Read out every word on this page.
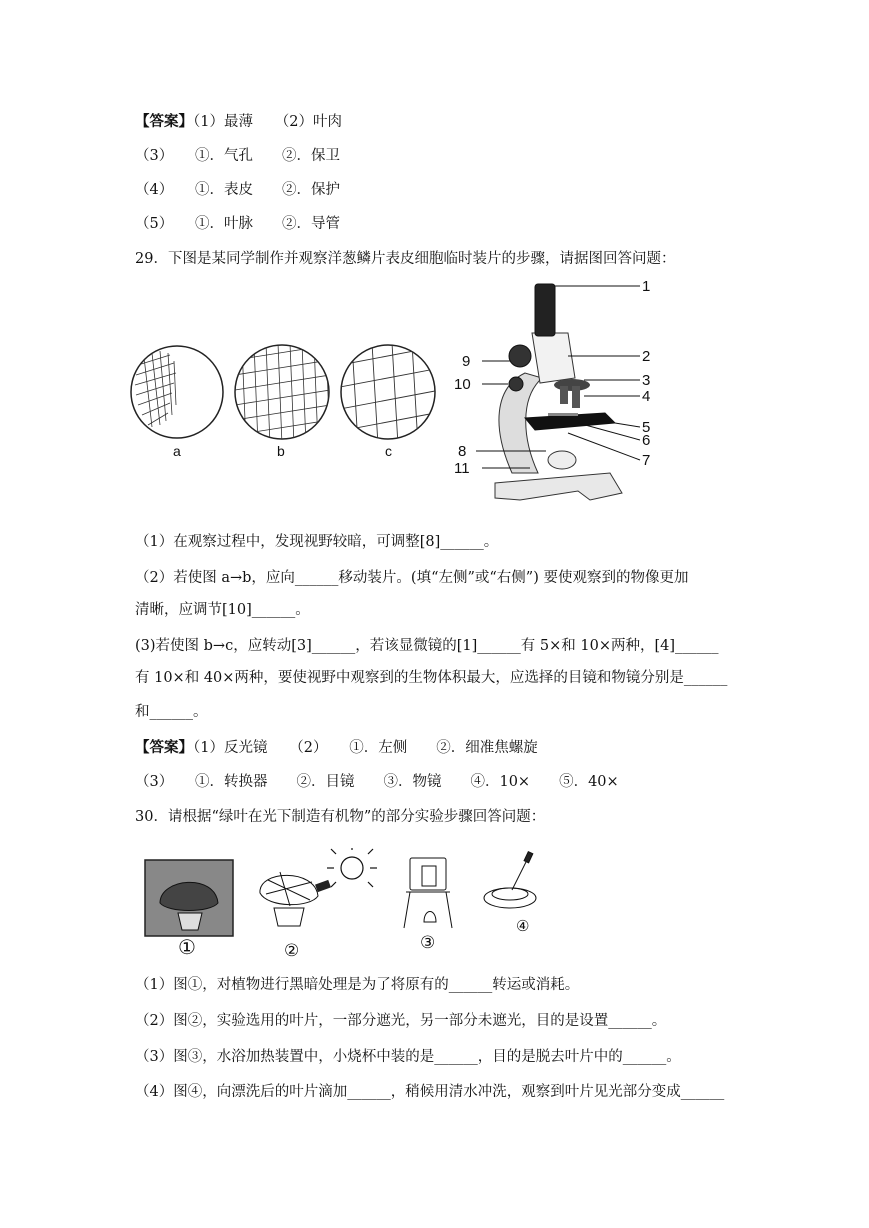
【答案】（1）最薄　　（2）叶肉
（3）　　①．气孔　　②．保卫
（4）　　①．表皮　　②．保护
（5）　　①．叶脉　　②．导管
29．下图是某同学制作并观察洋葱鳞片表皮细胞临时装片的步骤，请据图回答问题：
a	b	c
1
2
3
4
5
6
7
8
9
10
11
（1）在观察过程中，发现视野较暗，可调整[8]______。
（2）若使图 a→b，应向______移动装片。(填“左侧”或“右侧”) 要使观察到的物像更加
清晰，应调节[10]______。
(3)若使图 b→c，应转动[3]______，若该显微镜的[1]______有 5×和 10×两种，[4]______
有 10×和 40×两种，要使视野中观察到的生物体积最大，应选择的目镜和物镜分别是______
和______。
【答案】（1）反光镜　　（2）　　①．左侧　　②．细准焦螺旋
（3）　　①．转换器　　②．目镜　　③．物镜　　④．10×　　⑤．40×
30．请根据“绿叶在光下制造有机物”的部分实验步骤回答问题：
①	②	③
④
（1）图①，对植物进行黑暗处理是为了将原有的______转运或消耗。
（2）图②，实验选用的叶片，一部分遮光，另一部分未遮光，目的是设置______。
（3）图③，水浴加热装置中，小烧杯中装的是______，目的是脱去叶片中的______。
（4）图④，向漂洗后的叶片滴加______，稍候用清水冲洗，观察到叶片见光部分变成______
